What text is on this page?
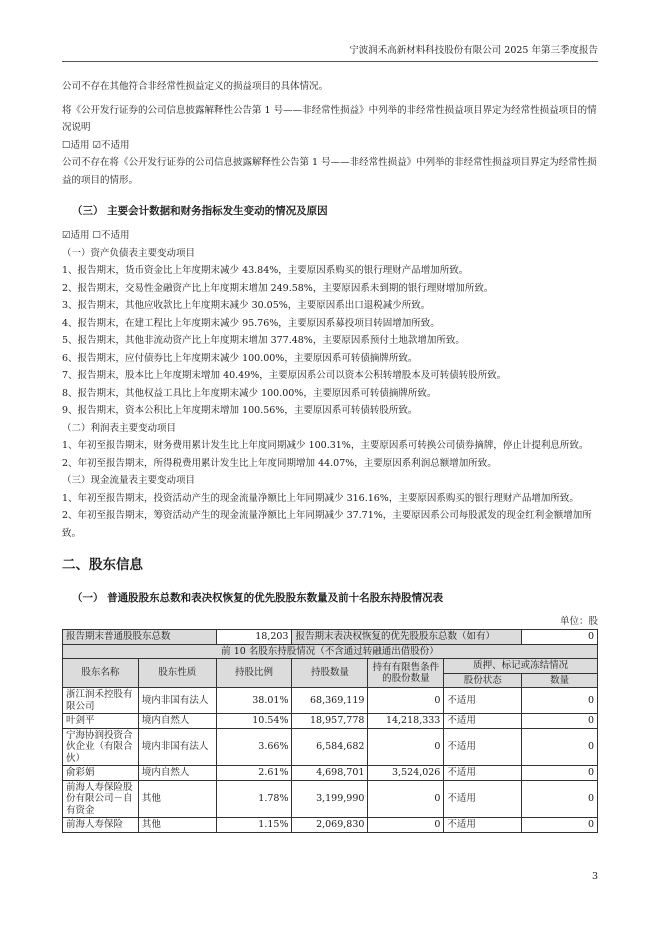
宁波润禾高新材料科技股份有限公司 2025 年第三季度报告

公司不存在其他符合非经常性损益定义的损益项目的具体情况。

将《公开发行证券的公司信息披露解释性公告第 1 号——非经常性损益》中列举的非经常性损益项目界定为经常性损益项目的情况说明

☐适用 ☑不适用

公司不存在将《公开发行证券的公司信息披露解释性公告第 1 号——非经常性损益》中列举的非经常性损益项目界定为经常性损益的项目的情形。

（三） 主要会计数据和财务指标发生变动的情况及原因

☑适用 ☐不适用

（一）资产负债表主要变动项目

1、报告期末，货币资金比上年度期末减少 43.84%，主要原因系购买的银行理财产品增加所致。

2、报告期末，交易性金融资产比上年度期末增加 249.58%，主要原因系未到期的银行理财增加所致。

3、报告期末，其他应收款比上年度期末减少 30.05%，主要原因系出口退税减少所致。

4、报告期末，在建工程比上年度期末减少 95.76%，主要原因系募投项目转固增加所致。

5、报告期末，其他非流动资产比上年度期末增加 377.48%，主要原因系预付土地款增加所致。

6、报告期末，应付债券比上年度期末减少 100.00%，主要原因系可转债摘牌所致。

7、报告期末，股本比上年度期末增加 40.49%，主要原因系公司以资本公积转增股本及可转债转股所致。

8、报告期末，其他权益工具比上年度期末减少 100.00%，主要原因系可转债摘牌所致。

9、报告期末，资本公积比上年度期末增加 100.56%，主要原因系可转债转股所致。

（二）利润表主要变动项目

1、年初至报告期末，财务费用累计发生比上年度同期减少 100.31%，主要原因系可转换公司债券摘牌，停止计提利息所致。

2、年初至报告期末，所得税费用累计发生比上年度同期增加 44.07%，主要原因系利润总额增加所致。

（三）现金流量表主要变动项目

1、年初至报告期末，投资活动产生的现金流量净额比上年同期减少 316.16%，主要原因系购买的银行理财产品增加所致。

2、年初至报告期末，筹资活动产生的现金流量净额比上年同期减少 37.71%，主要原因系公司每股派发的现金红利金额增加所致。

二、股东信息
（一） 普通股股东总数和表决权恢复的优先股股东数量及前十名股东持股情况表
单位：股
报告期末普通股股东总数		18,203	报告期末表决权恢复的优先股股东总数（如有）			0
前 10 名股东持股情况（不含通过转融通出借股份）						
股东名称	股东性质	持股比例	持股数量	持有有限售条件的股份数量	质押、标记或冻结情况	
					股份状态	数量
浙江润禾控股有限公司	境内非国有法人	38.01%	68,369,119	0	不适用	0
叶剑平	境内自然人	10.54%	18,957,778	14,218,333	不适用	0
宁海协润投资合伙企业（有限合伙）	境内非国有法人	3.66%	6,584,682	0	不适用	0
俞彩娟	境内自然人	2.61%	4,698,701	3,524,026	不适用	0
前海人寿保险股份有限公司－自有资金	其他	1.78%	3,199,990	0	不适用	0
前海人寿保险	其他	1.15%	2,069,830	0	不适用	0
3
